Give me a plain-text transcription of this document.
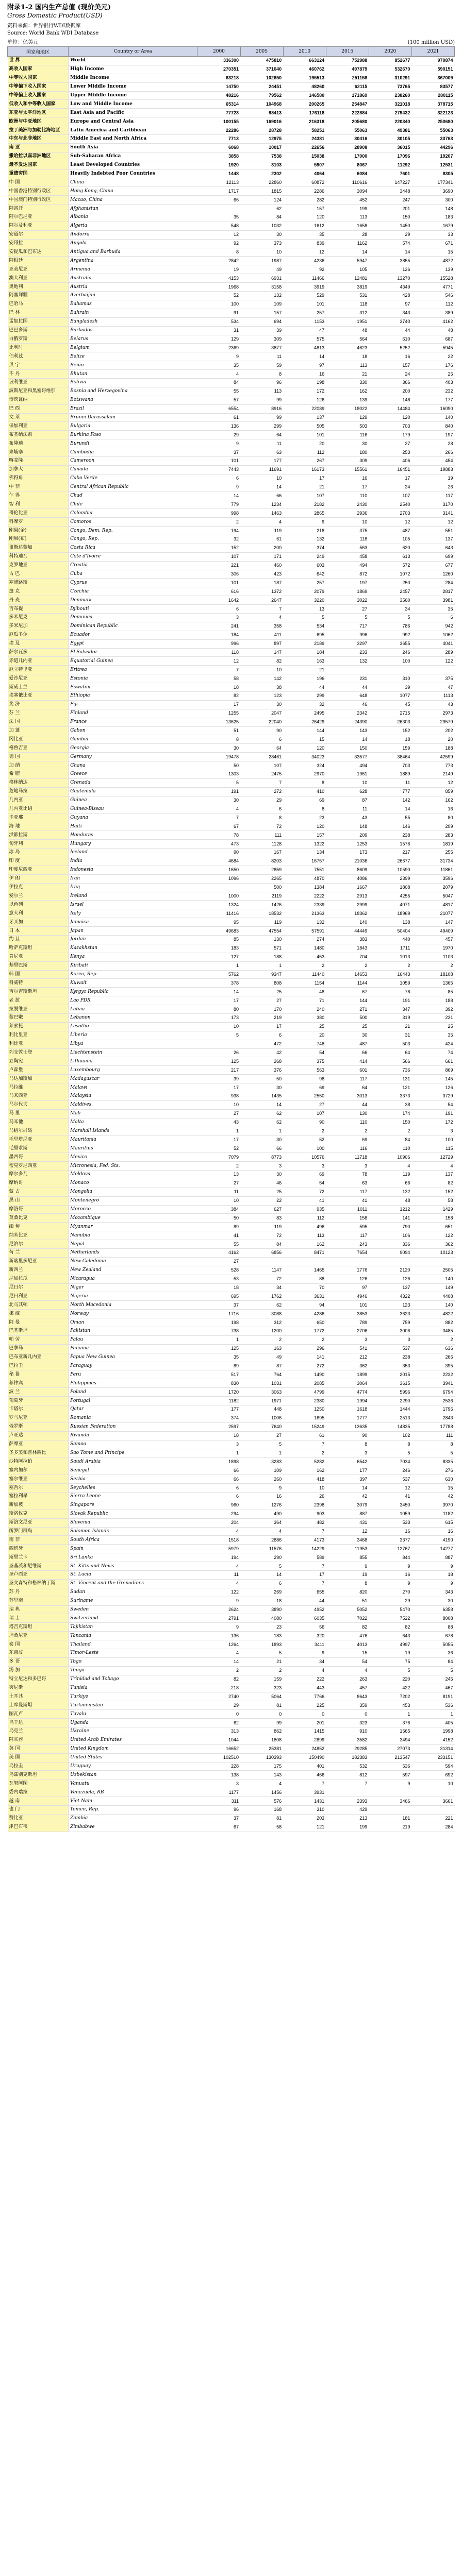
附录1-2 国内生产总值 (现价美元)
Gross Domestic Product(USD)
资料来源：世界银行WDI数据库
Source: World Bank WDI Database
单位：亿美元	(100 million USD)
国家和地区	Country or Area	2000	2005	2010	2015	2020	2021
世 界	World	336300	475810	663124	752988	852677	970874
高收入国家	High Income	270351	371040	460762	497879	532670	590151
中等收入国家	Middle Income	63218	102650	195513	251158	310291	367009
中等偏下收入国家	Lower Middle Income	14750	24451	48260	62115	73765	83577
中等偏上收入国家	Upper Middle Income	48216	79562	146580	171869	238260	280115
低收入和中等收入国家	Low and Middle Income	65314	104968	200265	254847	321018	378715
东亚与太平洋地区	East Asia and Pacific	77723	98413	176118	222884	279432	322123
欧洲与中亚地区	Europe and Central Asia	100155	169016	216318	205680	220340	250680
拉丁美洲与加勒比海地区	Latin America and Caribbean	22286	28728	58251	55063	49381	55063
中东与北非地区	Middle East and North Africa	7713	12975	24381	30416	30105	33763
南 亚	South Asia	6068	10017	22656	28908	36015	44296
撒哈拉以南非洲地区	Sub-Saharan Africa	3858	7538	15038	17000	17096	19207
最不发达国家	Least Developed Countries	1920	3103	5907	8067	11292	12531
重债穷国	Heavily Indebted Poor Countries	1448	2302	4064	6084	7601	8305
中 国	China	12113	22860	60872	110616	147227	177341
中国香港特别行政区	Hong Kong, China	1717	1815	2286	3094	3448	3690
中国澳门特别行政区	Macao, China	66	124	282	452	247	300
阿富汗	Afghanistan		62	157	199	201	148
阿尔巴尼亚	Albania	35	84	120	113	150	183
阿尔及利亚	Algeria	548	1032	1612	1658	1450	1679
安道尔	Andorra	12	30	35	28	29	33
安哥拉	Angola	92	373	839	1162	574	671
安提瓜和巴布达	Antigua and Barbuda	8	10	12	14	14	15
阿根廷	Argentina	2842	1987	4236	5947	3855	4872
亚美尼亚	Armenia	19	49	92	105	126	139
澳大利亚	Australia	4153	6931	11466	12481	13270	15528
奥地利	Austria	1968	3158	3919	3819	4349	4771
阿塞拜疆	Azerbaijan	52	132	529	531	428	546
巴哈马	Bahamas	100	109	101	118	97	112
巴 林	Bahrain	91	157	257	312	343	389
孟加拉国	Bangladesh	534	694	1153	1951	3740	4162
巴巴多斯	Barbados	31	39	47	48	44	48
白俄罗斯	Belarus	129	309	575	564	610	687
比利时	Belgium	2369	3877	4813	4623	5252	5945
伯利兹	Belize	9	11	14	18	16	22
贝 宁	Benin	35	59	97	113	157	176
不 丹	Bhutan	4	8	16	21	24	25
玻利维亚	Bolivia	84	96	198	330	366	403
波斯尼亚和黑塞哥维那	Bosnia and Herzegovina	55	113	172	162	200	232
博茨瓦纳	Botswana	57	99	126	139	148	177
巴 西	Brazil	6554	8916	22089	18022	14484	16090
文 莱	Brunei Darussalam	61	99	137	129	120	140
保加利亚	Bulgaria	136	299	505	503	703	840
布基纳法索	Burkina Faso	29	64	101	116	179	197
布隆迪	Burundi	9	11	20	30	27	28
柬埔寨	Cambodia	37	63	112	180	253	266
喀麦隆	Cameroon	101	177	267	309	406	454
加拿大	Canada	7443	11691	16173	15561	16451	19883
佛得角	Cabo Verde	6	10	17	16	17	19
中 非	Central African Republic	9	14	21	17	24	26
乍 得	Chad	14	66	107	110	107	117
智 利	Chile	779	1234	2182	2430	2540	3170
哥伦比亚	Colombia	998	1463	2865	2936	2703	3141
科摩罗	Comoros	2	4	9	10	12	12
刚果(金)	Congo, Dem. Rep.	194	119	218	375	487	551
刚果(布)	Congo, Rep.	32	61	132	118	105	137
哥斯达黎加	Costa Rica	152	200	374	563	620	643
科特迪瓦	Cote d'Ivoire	107	171	249	458	613	699
克罗地亚	Croatia	221	460	603	494	572	677
古 巴	Cuba	306	423	642	872	1072	1260
塞浦路斯	Cyprus	101	187	257	197	250	284
捷 克	Czechia	616	1372	2079	1869	2457	2817
丹 麦	Denmark	1642	2647	3220	3022	3560	3981
吉布提	Djibouti	6	7	13	27	34	35
多米尼克	Dominica	3	4	5	5	5	6
多米尼加	Dominican Republic	241	358	534	717	786	942
厄瓜多尔	Ecuador	184	411	695	996	992	1062
埃 及	Egypt	996	897	2189	3297	3655	4041
萨尔瓦多	El Salvador	118	147	184	233	246	289
赤道几内亚	Equatorial Guinea	12	82	163	132	100	122
厄立特里亚	Eritrea	7	10	21			
爱沙尼亚	Estonia	58	142	196	231	310	375
斯威士兰	Eswatini	18	38	44	44	39	47
埃塞俄比亚	Ethiopia	82	123	299	648	1077	1113
斐 济	Fiji	17	30	32	46	45	43
芬 兰	Finland	1255	2047	2495	2342	2715	2973
法 国	France	13625	22040	26429	24390	26303	29579
加 蓬	Gabon	51	90	144	143	152	202
冈比亚	Gambia	8	6	15	14	18	20
格鲁吉亚	Georgia	30	64	120	150	159	188
德 国	Germany	19478	28461	34023	33577	38464	42599
加 纳	Ghana	50	107	324	494	703	773
希 腊	Greece	1303	2475	2970	1961	1889	2149
格林纳达	Grenada	5	7	8	10	11	12
危地马拉	Guatemala	191	272	410	628	777	859
几内亚	Guinea	30	29	69	87	142	162
几内亚比绍	Guinea-Bissau	4	6	8	11	14	16
圭亚那	Guyana	7	8	23	43	55	80
海 地	Haiti	67	72	120	148	146	209
洪都拉斯	Honduras	78	111	157	209	238	283
匈牙利	Hungary	473	1128	1322	1253	1576	1819
冰 岛	Iceland	90	167	134	173	217	255
印 度	India	4684	8203	16757	21036	26677	31734
印度尼西亚	Indonesia	1650	2859	7551	8609	10590	11861
伊 朗	Iran	1096	2265	4870	4086	2399	3596
伊拉克	Iraq		500	1384	1667	1808	2079
爱尔兰	Ireland	1000	2119	2222	2913	4255	5047
以色列	Israel	1324	1426	2339	2999	4071	4817
意大利	Italy	11416	18532	21363	18362	18969	21077
牙买加	Jamaica	95	119	132	140	138	147
日 本	Japan	49683	47554	57591	44449	50404	49409
约 旦	Jordan	85	130	274	383	440	457
哈萨克斯坦	Kazakhstan	183	571	1480	1843	1711	1970
肯尼亚	Kenya	127	188	453	704	1013	1103
基里巴斯	Kiribati	1	1	2	2	2	2
韩 国	Korea, Rep.	5762	9347	11440	14653	16443	18108
科威特	Kuwait	378	808	1154	1144	1059	1365
吉尔吉斯斯坦	Kyrgyz Republic	14	25	48	67	78	85
老 挝	Lao PDR	17	27	71	144	191	188
拉脱维亚	Latvia	80	170	240	271	347	392
黎巴嫩	Lebanon	173	219	380	500	319	231
莱索托	Lesotho	10	17	25	25	21	25
利比里亚	Liberia	5	6	20	30	31	35
利比亚	Libya		472	748	487	503	424
列支敦士登	Liechtenstein	26	42	54	66	64	74
立陶宛	Lithuania	125	268	375	414	566	661
卢森堡	Luxembourg	217	376	563	601	736	869
马达加斯加	Madagascar	39	50	98	117	131	145
马拉维	Malawi	17	30	69	64	121	126
马来西亚	Malaysia	938	1435	2550	3013	3373	3729
马尔代夫	Maldives	10	14	27	44	38	54
马 里	Mali	27	62	107	130	174	191
马耳他	Malta	43	62	90	110	150	172
马绍尔群岛	Marshall Islands	1	1	2	2	2	3
毛里塔尼亚	Mauritania	17	30	52	69	84	100
毛里求斯	Mauritius	52	66	100	116	110	115
墨西哥	Mexico	7079	8773	10576	11718	10906	12729
密克罗尼西亚	Micronesia, Fed. Sts.	2	3	3	3	4	4
摩尔多瓦	Moldova	13	30	69	78	119	137
摩纳哥	Monaco	27	46	54	63	66	82
蒙 古	Mongolia	11	25	72	117	132	152
黑 山	Montenegro	10	22	41	41	48	58
摩洛哥	Morocco	384	627	935	1011	1212	1429
莫桑比克	Mozambique	50	83	112	158	141	158
缅 甸	Myanmar	89	119	496	595	790	651
纳米比亚	Namibia	41	72	113	117	106	122
尼泊尔	Nepal	55	84	162	243	336	362
荷 兰	Netherlands	4162	6856	8471	7654	9094	10123
新喀里多尼亚	New Caledonia	27					
新西兰	New Zealand	528	1147	1465	1776	2120	2505
尼加拉瓜	Nicaragua	53	72	88	126	126	140
尼日尔	Niger	18	34	70	97	137	149
尼日利亚	Nigeria	695	1762	3631	4946	4322	4408
北马其顿	North Macedonia	37	62	94	101	123	140
挪 威	Norway	1716	3088	4286	3853	3623	4822
阿 曼	Oman	198	312	650	789	759	882
巴基斯坦	Pakistan	738	1200	1772	2706	3006	3485
帕 劳	Palau	1	2	2	3	3	2
巴拿马	Panama	125	163	296	541	537	636
巴布亚新几内亚	Papua New Guinea	35	49	141	212	238	266
巴拉圭	Paraguay	89	87	272	362	353	395
秘 鲁	Peru	517	764	1490	1899	2015	2232
菲律宾	Philippines	830	1031	2085	3064	3615	3941
波 兰	Poland	1720	3063	4799	4774	5996	6794
葡萄牙	Portugal	1182	1971	2380	1994	2290	2536
卡塔尔	Qatar	177	448	1250	1618	1444	1796
罗马尼亚	Romania	374	1006	1695	1777	2513	2843
俄罗斯	Russian Federation	2597	7640	15249	13635	14835	17788
卢旺达	Rwanda	18	27	61	90	102	111
萨摩亚	Samoa	3	5	7	8	8	8
圣多美和普林西比	Sao Tome and Principe	1	1	2	3	5	5
沙特阿拉伯	Saudi Arabia	1898	3283	5282	6542	7034	8335
塞内加尔	Senegal	66	109	162	177	246	276
塞尔维亚	Serbia	66	260	418	397	537	630
塞舌尔	Seychelles	6	9	10	14	12	15
塞拉利昂	Sierra Leone	6	16	26	42	41	42
新加坡	Singapore	960	1276	2398	3079	3450	3970
斯洛伐克	Slovak Republic	294	490	903	887	1059	1182
斯洛文尼亚	Slovenia	204	364	482	431	533	615
所罗门群岛	Solomon Islands	4	4	7	12	16	16
南 非	South Africa	1518	2886	4173	3468	3377	4190
西班牙	Spain	5979	11576	14229	11953	12767	14277
斯里兰卡	Sri Lanka	194	290	589	855	844	887
圣基茨和尼维斯	St. Kitts and Nevis	4	5	7	9	9	9
圣卢西亚	St. Lucia	11	14	17	19	16	18
圣文森特和格林纳丁斯	St. Vincent and the Grenadines	4	6	7	8	9	9
苏 丹	Sudan	122	269	655	820	270	343
苏里南	Suriname	9	18	44	51	29	30
瑞 典	Sweden	2624	3890	4952	5052	5470	6358
瑞 士	Switzerland	2791	4080	6035	7022	7522	8008
塔吉克斯坦	Tajikistan	9	23	56	82	82	88
坦桑尼亚	Tanzania	136	183	320	476	643	678
泰 国	Thailand	1264	1893	3411	4013	4997	5055
东帝汶	Timor-Leste	4	5	9	15	19	36
多 哥	Togo	14	21	34	54	75	84
汤 加	Tonga	2	2	4	4	5	5
特立尼达和多巴哥	Trinidad and Tobago	82	159	222	263	220	245
突尼斯	Tunisia	218	323	443	457	422	467
土耳其	Turkiye	2740	5064	7766	8643	7202	8191
土库曼斯坦	Turkmenistan	29	81	225	359	453	536
图瓦卢	Tuvalu	0	0	0	0	1	1
乌干达	Uganda	62	99	201	323	376	405
乌克兰	Ukraine	313	862	1415	910	1565	1998
阿联酋	United Arab Emirates	1044	1808	2899	3582	3494	4152
英 国	United Kingdom	16652	25381	24852	29285	27073	31314
美 国	United States	102510	130393	150490	182383	213547	233151
乌拉圭	Uruguay	228	175	401	532	536	594
乌兹别克斯坦	Uzbekistan	138	143	466	812	597	692
瓦努阿图	Vanuatu	3	4	7	7	9	10
委内瑞拉	Venezuela, RB	1177	1456	3931			
越 南	Viet Nam	311	576	1431	2393	3466	3661
也 门	Yemen, Rep.	96	168	310	429		
赞比亚	Zambia	37	81	203	213	181	221
津巴布韦	Zimbabwe	67	58	121	199	219	284
